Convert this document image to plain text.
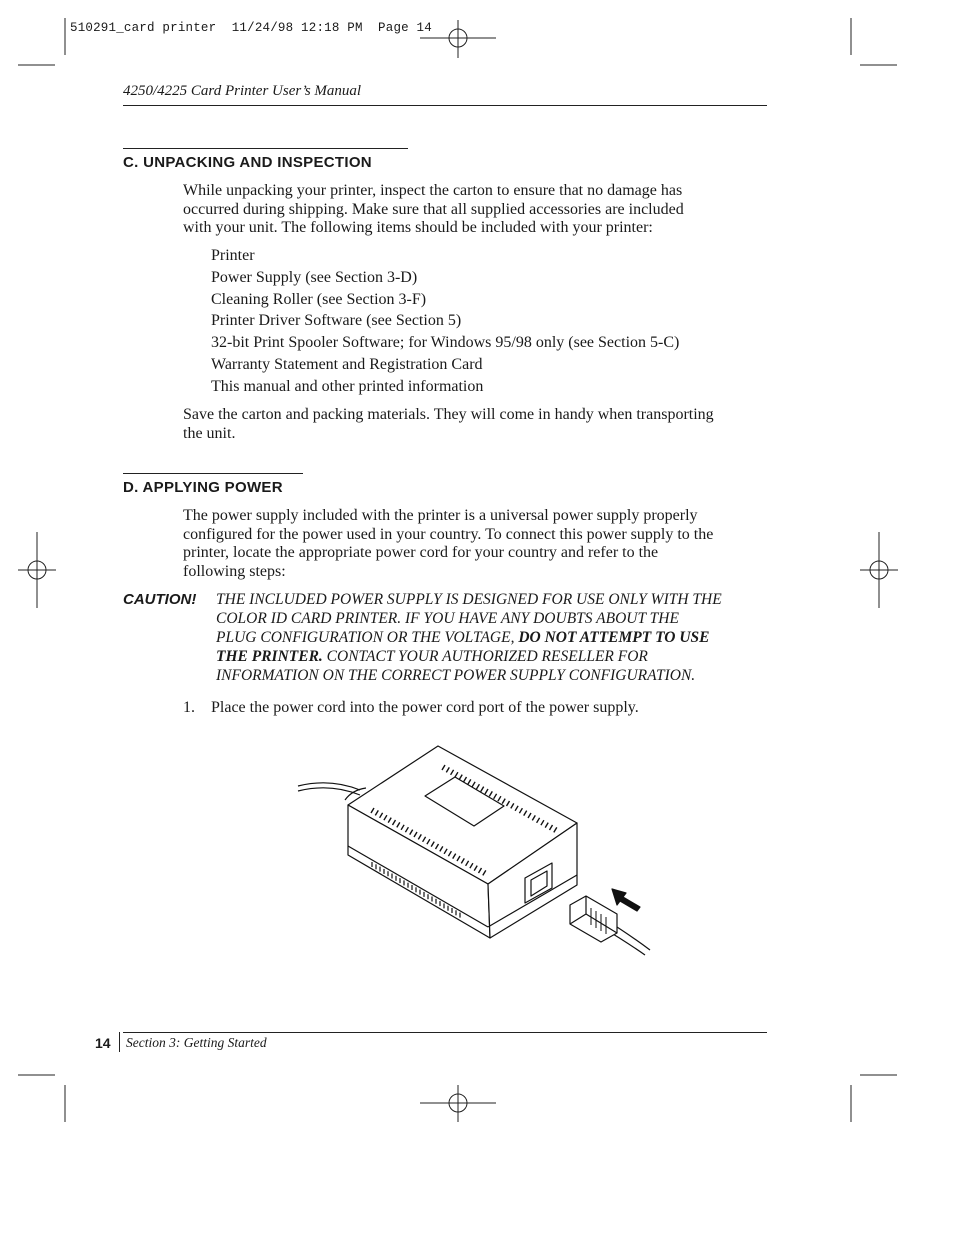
510291_card printer  11/24/98 12:18 PM  Page 14
4250/4225 Card Printer User’s Manual
C. UNPACKING AND INSPECTION
While unpacking your printer, inspect the carton to ensure that no damage has
occurred during shipping. Make sure that all supplied accessories are included
with your unit. The following items should be included with your printer:
Printer
Power Supply (see Section 3-D)
Cleaning Roller (see Section 3-F)
Printer Driver Software (see Section 5)
32-bit Print Spooler Software; for Windows 95/98 only (see Section 5-C)
Warranty Statement and Registration Card
This manual and other printed information
Save the carton and packing materials. They will come in handy when transporting
the unit.
D. APPLYING POWER
The power supply included with the printer is a universal power supply properly
configured for the power used in your country. To connect this power supply to the
printer, locate the appropriate power cord for your country and refer to the
following steps:
CAUTION! THE INCLUDED POWER SUPPLY IS DESIGNED FOR USE ONLY WITH THE
COLOR ID CARD PRINTER. IF YOU HAVE ANY DOUBTS ABOUT THE
PLUG CONFIGURATION OR THE VOLTAGE, DO NOT ATTEMPT TO USE
THE PRINTER. CONTACT YOUR AUTHORIZED RESELLER FOR
INFORMATION ON THE CORRECT POWER SUPPLY CONFIGURATION.
1. Place the power cord into the power cord port of the power supply.
14 Section 3: Getting Started
